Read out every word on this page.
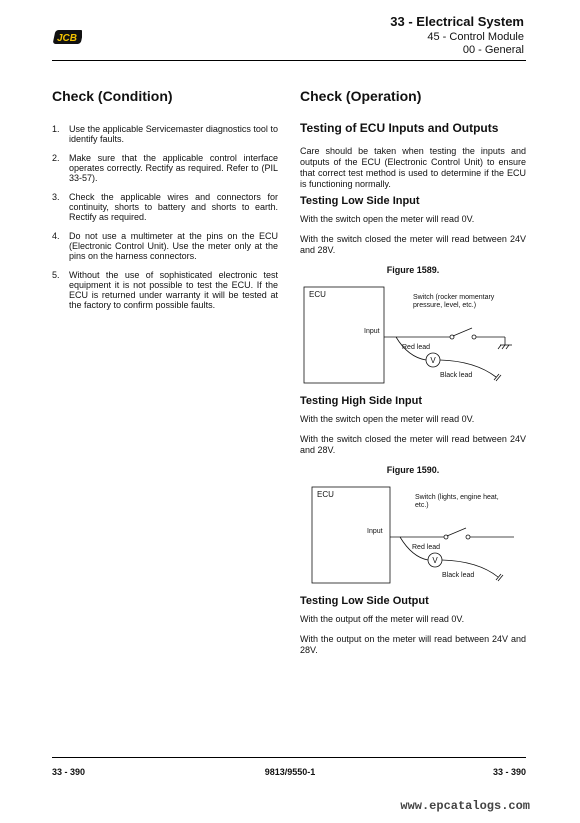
JCB
33 - Electrical System
45 - Control Module
00 - General
Check (Condition)
1. Use the applicable Servicemaster diagnostics tool to identify faults.
2. Make sure that the applicable control interface operates correctly. Rectify as required. Refer to (PIL 33-57).
3. Check the applicable wires and connectors for continuity, shorts to battery and shorts to earth. Rectify as required.
4. Do not use a multimeter at the pins on the ECU (Electronic Control Unit). Use the meter only at the pins on the harness connectors.
5. Without the use of sophisticated electronic test equipment it is not possible to test the ECU. If the ECU is returned under warranty it will be tested at the factory to confirm possible faults.
Check (Operation)
Testing of ECU Inputs and Outputs

Care should be taken when testing the inputs and outputs of the ECU (Electronic Control Unit) to ensure that correct test method is used to determine if the ECU is functioning normally.

Testing Low Side Input

With the switch open the meter will read 0V.

With the switch closed the meter will read between 24V and 28V.

Figure 1589.
ECU
Input
Switch (rocker momentary
pressure, level, etc.)
Red lead
V
Black lead
Testing High Side Input

With the switch open the meter will read 0V.

With the switch closed the meter will read between 24V and 28V.

Figure 1590.
ECU
Input
Switch (lights, engine heat,
etc.)
Red lead
V
Black lead
Testing Low Side Output

With the output off the meter will read 0V.

With the output on the meter will read between 24V and 28V.

33 - 390	9813/9550-1	33 - 390
www.epcatalogs.com
